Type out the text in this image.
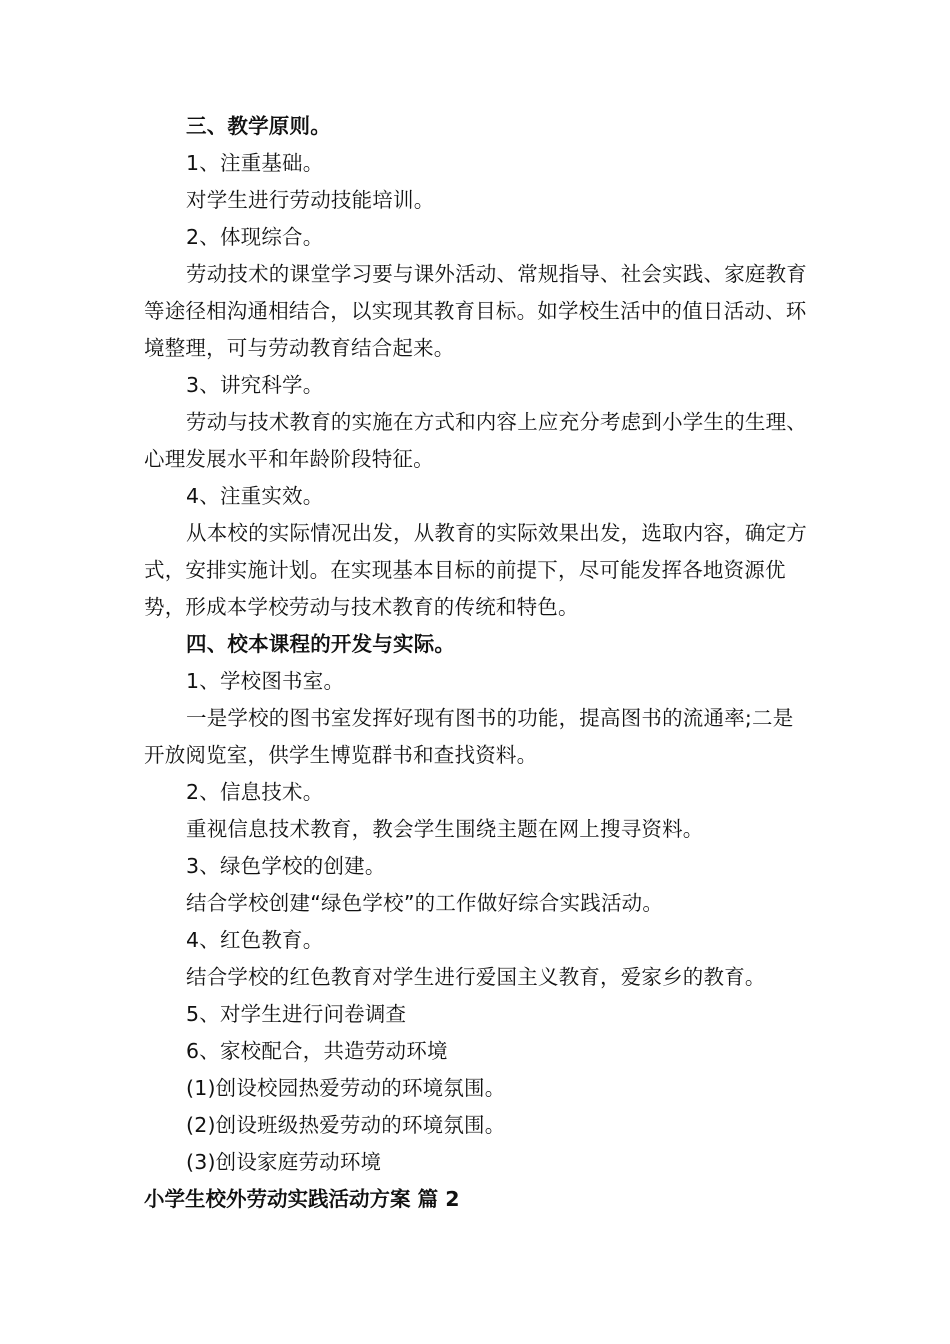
三、教学原则。

1、注重基础。

对学生进行劳动技能培训。

2、体现综合。

劳动技术的课堂学习要与课外活动、常规指导、社会实践、家庭教育等途径相沟通相结合，以实现其教育目标。如学校生活中的值日活动、环境整理，可与劳动教育结合起来。

3、讲究科学。

劳动与技术教育的实施在方式和内容上应充分考虑到小学生的生理、心理发展水平和年龄阶段特征。

4、注重实效。

从本校的实际情况出发，从教育的实际效果出发，选取内容，确定方式，安排实施计划。在实现基本目标的前提下，尽可能发挥各地资源优势，形成本学校劳动与技术教育的传统和特色。

四、校本课程的开发与实际。

1、学校图书室。

一是学校的图书室发挥好现有图书的功能，提高图书的流通率;二是开放阅览室，供学生博览群书和查找资料。

2、信息技术。

重视信息技术教育，教会学生围绕主题在网上搜寻资料。

3、绿色学校的创建。

结合学校创建“绿色学校”的工作做好综合实践活动。

4、红色教育。

结合学校的红色教育对学生进行爱国主义教育，爱家乡的教育。

5、对学生进行问卷调查

6、家校配合，共造劳动环境

(1)创设校园热爱劳动的环境氛围。

(2)创设班级热爱劳动的环境氛围。

(3)创设家庭劳动环境

小学生校外劳动实践活动方案 篇 2
